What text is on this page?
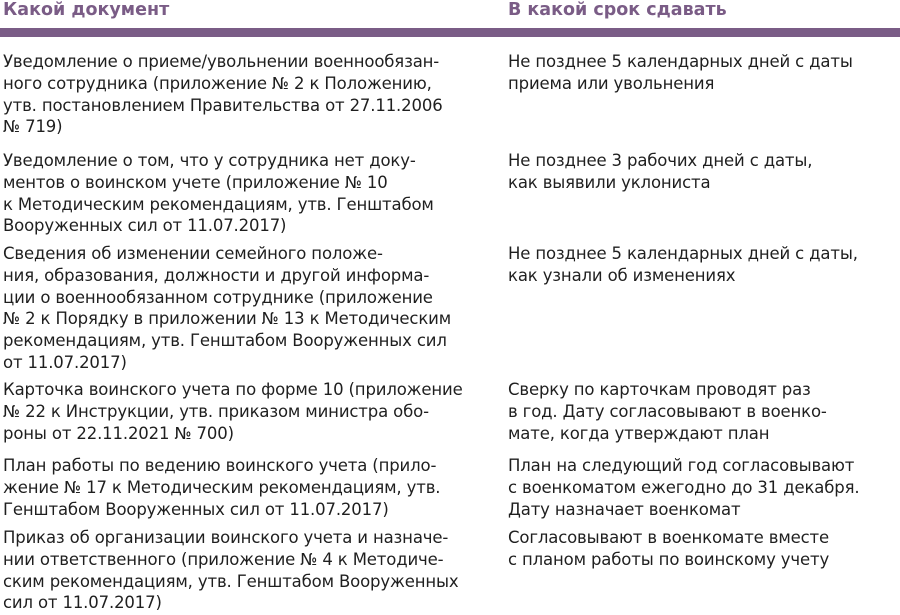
Какой документ	В какой срок сдавать
Уведомление о приеме/увольнении военнообязан-
ного сотрудника (приложение № 2 к Положению,
утв. постановлением Правительства от 27.11.2006
№ 719)
Не позднее 5 календарных дней с даты
приема или увольнения
Уведомление о том, что у сотрудника нет доку-
ментов о воинском учете (приложение № 10
к Методическим рекомендациям, утв. Генштабом
Вооруженных сил от 11.07.2017)
Не позднее 3 рабочих дней с даты,
как выявили уклониста
Сведения об изменении семейного положе-
ния, образования, должности и другой информа-
ции о военнообязанном сотруднике (приложение
№ 2 к Порядку в приложении № 13 к Методическим
рекомендациям, утв. Генштабом Вооруженных сил
от 11.07.2017)
Не позднее 5 календарных дней с даты,
как узнали об изменениях
Карточка воинского учета по форме 10 (приложение
№ 22 к Инструкции, утв. приказом министра обо-
роны от 22.11.2021 № 700)
Сверку по карточкам проводят раз
в год. Дату согласовывают в военко-
мате, когда утверждают план
План работы по ведению воинского учета (прило-
жение № 17 к Методическим рекомендациям, утв.
Генштабом Вооруженных сил от 11.07.2017)
План на следующий год согласовывают
с военкоматом ежегодно до 31 декабря.
Дату назначает военкомат
Приказ об организации воинского учета и назначе-
нии ответственного (приложение № 4 к Методиче-
ским рекомендациям, утв. Генштабом Вооруженных
сил от 11.07.2017)
Согласовывают в военкомате вместе
с планом работы по воинскому учету
